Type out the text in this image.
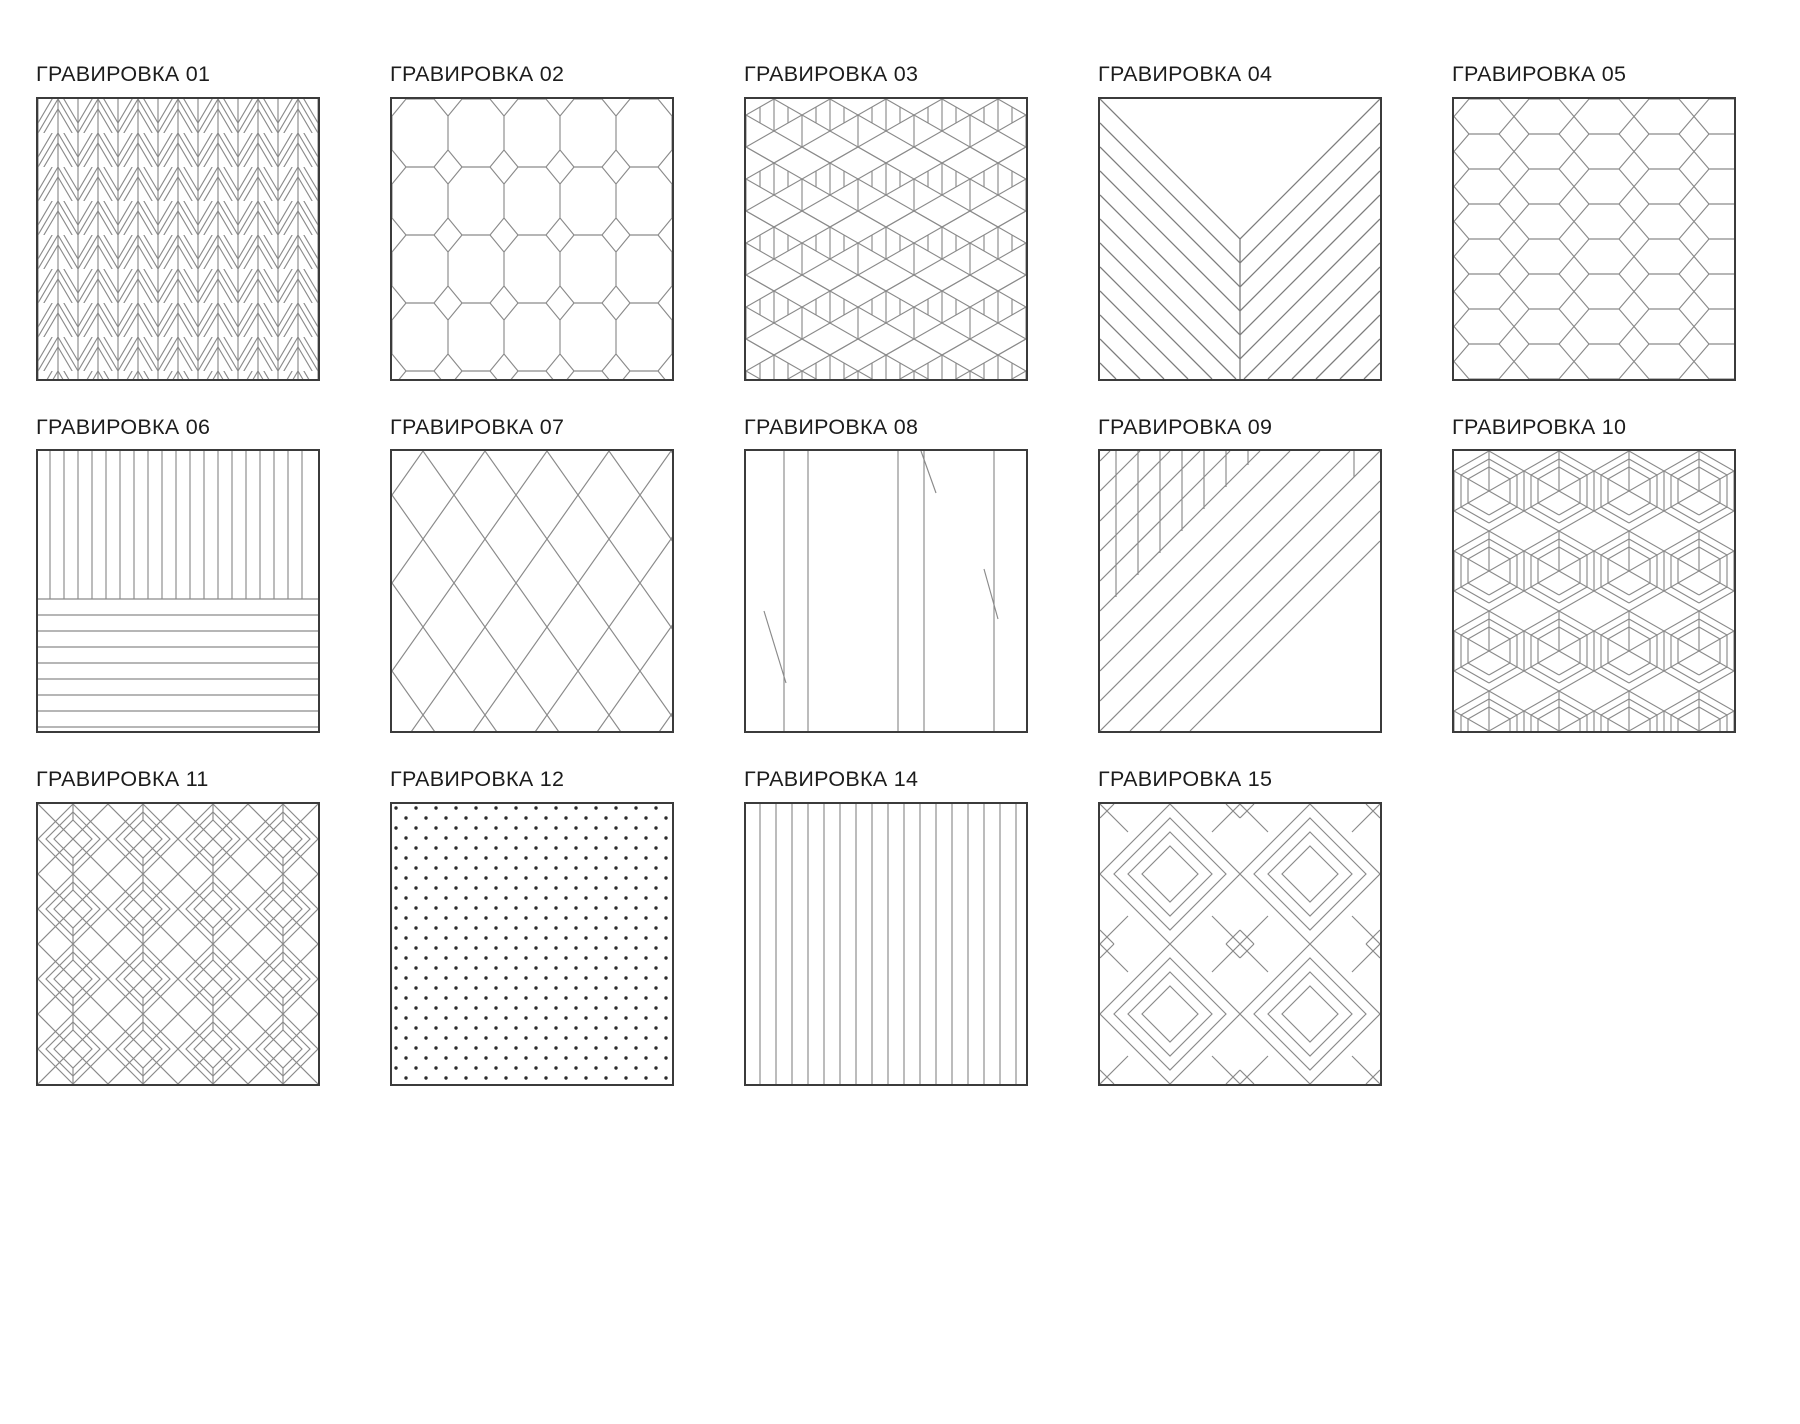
ГРАВИРОВКА 01	ГРАВИРОВКА 02	ГРАВИРОВКА 03	ГРАВИРОВКА 04	ГРАВИРОВКА 05
ГРАВИРОВКА 06	ГРАВИРОВКА 07	ГРАВИРОВКА 08	ГРАВИРОВКА 09	ГРАВИРОВКА 10
ГРАВИРОВКА 11	ГРАВИРОВКА 12	ГРАВИРОВКА 14	ГРАВИРОВКА 15
